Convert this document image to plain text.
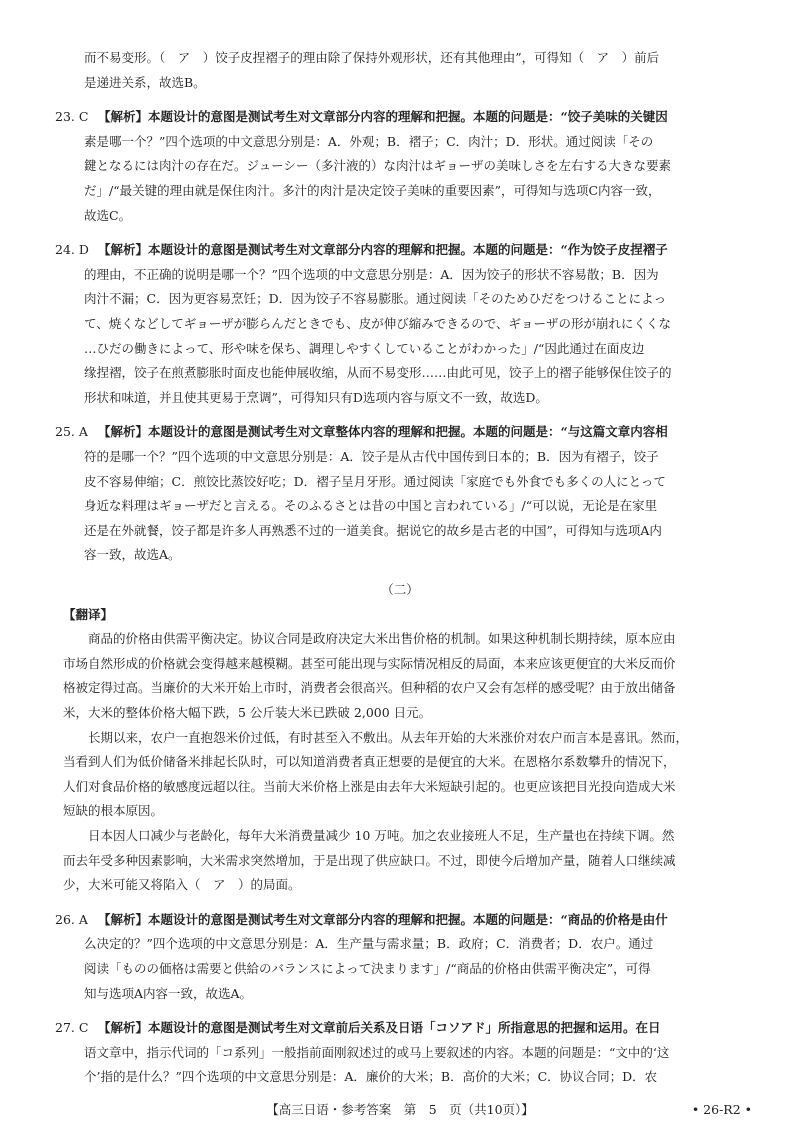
而不易变形。（　ア　）饺子皮捏褶子的理由除了保持外观形状，还有其他理由”，可得知（　ア　）前后
是递进关系，故选B。
23. C 【解析】本题设计的意图是测试考生对文章部分内容的理解和把握。本题的问题是：“饺子美味的关键因
素是哪一个？”四个选项的中文意思分别是：A．外观；B．褶子；C．肉汁；D．形状。通过阅读「その
鍵となるには肉汁の存在だ。ジューシー（多汁液的）な肉汁はギョーザの美味しさを左右する大きな要素
だ」/“最关键的理由就是保住肉汁。多汁的肉汁是决定饺子美味的重要因素”，可得知与选项C内容一致，
故选C。
24. D 【解析】本题设计的意图是测试考生对文章部分内容的理解和把握。本题的问题是：“作为饺子皮捏褶子
的理由，不正确的说明是哪一个？”四个选项的中文意思分别是：A．因为饺子的形状不容易散；B．因为
肉汁不漏；C．因为更容易烹饪；D．因为饺子不容易膨胀。通过阅读「そのためひだをつけることによっ
て、焼くなどしてギョーザが膨らんだときでも、皮が伸び縮みできるので、ギョーザの形が崩れにくくな
…ひだの働きによって、形や味を保ち、調理しやすくしていることがわかった」/“因此通过在面皮边
缘捏褶，饺子在煎煮膨胀时面皮也能伸展收缩，从而不易变形……由此可见，饺子上的褶子能够保住饺子的
形状和味道，并且使其更易于烹调”，可得知只有D选项内容与原文不一致，故选D。
25. A 【解析】本题设计的意图是测试考生对文章整体内容的理解和把握。本题的问题是：“与这篇文章内容相
符的是哪一个？”四个选项的中文意思分别是：A．饺子是从古代中国传到日本的；B．因为有褶子，饺子
皮不容易伸缩；C．煎饺比蒸饺好吃；D．褶子呈月牙形。通过阅读「家庭でも外食でも多くの人にとって
身近な料理はギョーザだと言える。そのふるさとは昔の中国と言われている」/“可以说，无论是在家里
还是在外就餐，饺子都是许多人再熟悉不过的一道美食。据说它的故乡是古老的中国”，可得知与选项A内
容一致，故选A。
（二）
【翻译】
商品的价格由供需平衡决定。协议合同是政府决定大米出售价格的机制。如果这种机制长期持续，原本应由
市场自然形成的价格就会变得越来越模糊。甚至可能出现与实际情况相反的局面，本来应该更便宜的大米反而价
格被定得过高。当廉价的大米开始上市时，消费者会很高兴。但种稻的农户又会有怎样的感受呢？由于放出储备
米，大米的整体价格大幅下跌，5 公斤装大米已跌破 2,000 日元。
长期以来，农户一直抱怨米价过低，有时甚至入不敷出。从去年开始的大米涨价对农户而言本是喜讯。然而，
当看到人们为低价储备米排起长队时，可以知道消费者真正想要的是便宜的大米。在恩格尔系数攀升的情况下，
人们对食品价格的敏感度远超以往。当前大米价格上涨是由去年大米短缺引起的。也更应该把目光投向造成大米
短缺的根本原因。
日本因人口减少与老龄化，每年大米消费量减少 10 万吨。加之农业接班人不足，生产量也在持续下调。然
而去年受多种因素影响，大米需求突然增加，于是出现了供应缺口。不过，即使今后增加产量，随着人口继续减
少，大米可能又将陷入（　ア　）的局面。
26. A 【解析】本题设计的意图是测试考生对文章部分内容的理解和把握。本题的问题是：“商品的价格是由什
么决定的？”四个选项的中文意思分别是：A．生产量与需求量；B．政府；C．消费者；D．农户。通过
阅读「ものの価格は需要と供給のバランスによって決まります」/“商品的价格由供需平衡决定”，可得
知与选项A内容一致，故选A。
27. C 【解析】本题设计的意图是测试考生对文章前后关系及日语「コソアド」所指意思的把握和运用。在日
语文章中，指示代词的「コ系列」一般指前面刚叙述过的或马上要叙述的内容。本题的问题是：“文中的‘这
个’指的是什么？”四个选项的中文意思分别是：A．廉价的大米；B．高价的大米；C．协议合同；D．农
【高三日语・参考答案　第　5　页（共10页）】	• 26-R2 •
